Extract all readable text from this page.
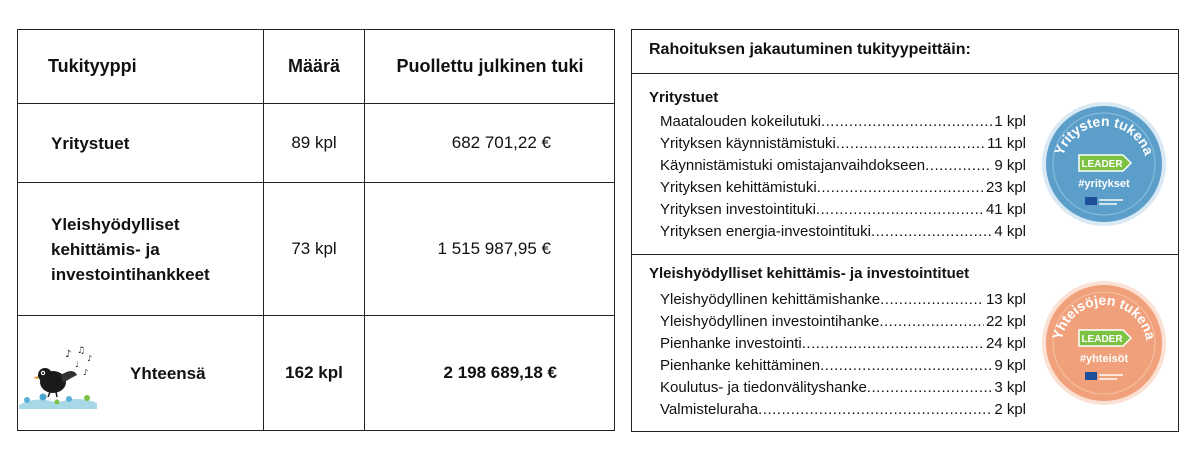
Tukityyppi	Määrä	Puollettu julkinen tuki
Yritystuet	89 kpl	682 701,22 €
Yleishyödylliset
kehittämis- ja
investointihankkeet
73 kpl	1 515 987,95 €
Yhteensä	162 kpl	2 198 689,18 €
♪ ♫
♪
♩
♪
Rahoituksen jakautuminen tukityypeittäin:
Yritystuet
Maatalouden kokeilutuki .....	1 kpl
Yrityksen käynnistämistuki .....	11 kpl
Käynnistämistuki omistajanvaihdokseen .....	9 kpl
Yrityksen kehittämistuki .....	23 kpl
Yrityksen investointituki .....	41 kpl
Yrityksen energia-investointituki .....	4 kpl
Yleishyödylliset kehittämis- ja investointituet
Yleishyödyllinen kehittämishanke .....	13 kpl
Yleishyödyllinen investointihanke .....	22 kpl
Pienhanke investointi .....	24 kpl
Pienhanke kehittäminen .....	9 kpl
Koulutus- ja tiedonvälityshanke .....	3 kpl
Valmisteluraha .....	2 kpl
Yritysten tukena
LEADER
#yritykset
Yhteisöjen tukena
LEADER
#yhteisöt
